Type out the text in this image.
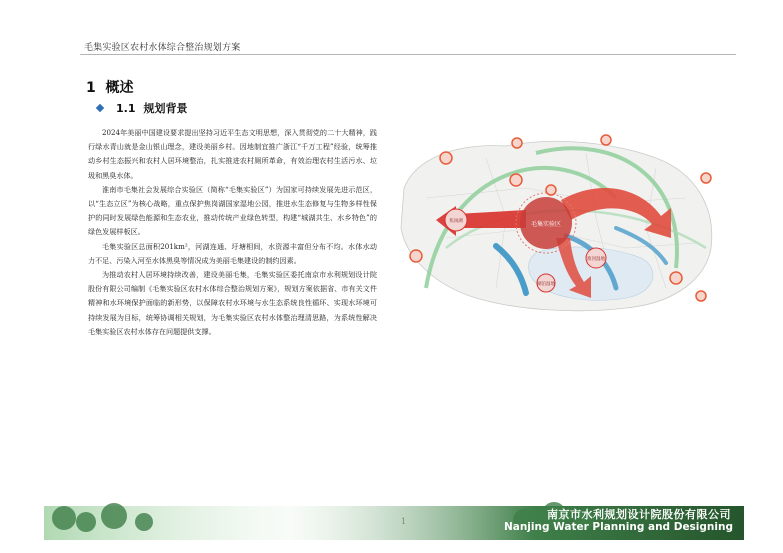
毛集实验区农村水体综合整治规划方案
1 概述
1.1 规划背景

2024年美丽中国建设要求提出坚持习近平生态文明思想，深入贯彻党的二十大精神，践行绿水青山就是金山银山理念，建设美丽乡村。因地制宜推广浙江“千万工程”经验，统筹推动乡村生态振兴和农村人居环境整治，扎实推进农村厕所革命，有效治理农村生活污水、垃圾和黑臭水体。

淮南市毛集社会发展综合实验区（简称“毛集实验区”）为国家可持续发展先进示范区，以“生态立区”为核心战略，重点保护焦岗湖国家湿地公园，推进水生态修复与生物多样性保护的同时发展绿色能源和生态农业，推动传统产业绿色转型，构建“城湖共生、水乡特色”的绿色发展样板区。

毛集实验区总面积201km²，河湖连通、圩塘相间，水资源丰富但分布不均。水体水动力不足、污染入河至水体黑臭等情况成为美丽毛集建设的制约因素。

为推动农村人居环境持续改善，建设美丽毛集，毛集实验区委托南京市水利规划设计院股份有限公司编制《毛集实验区农村水体综合整治规划方案》，规划方案依据省、市有关文件精神和水环境保护面临的新形势，以保障农村水环境与水生态系统良性循环、实现水环境可持续发展为目标，统筹协调相关规划，为毛集实验区农村水体整治理清思路，为系统性解决毛集实验区农村水体存在问题提供支撑。

毛集实验区
焦岗湖
淮河湿地
湖泊湿地
南京市水利规划设计院股份有限公司
Nanjing Water Planning and Designing
